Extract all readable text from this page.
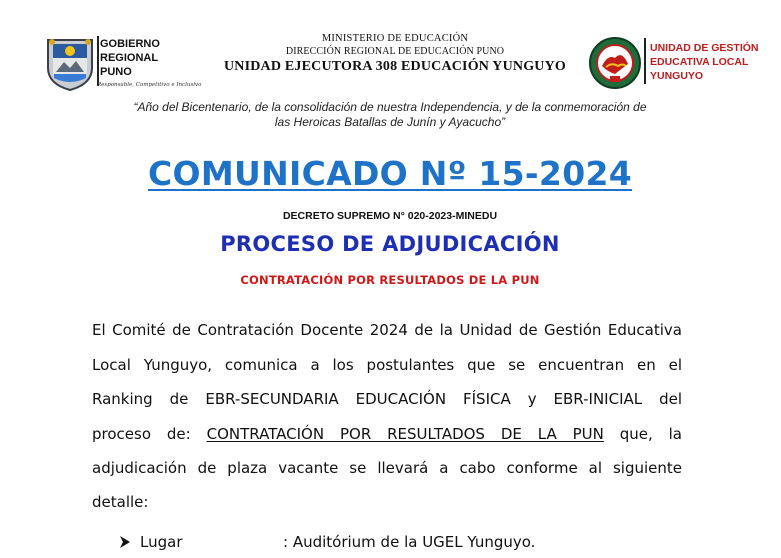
GOBIERNO
REGIONAL
PUNO
Responsable, Competitivo e Inclusivo
MINISTERIO DE EDUCACIÓN
DIRECCIÓN REGIONAL DE EDUCACIÓN PUNO
UNIDAD EJECUTORA 308 EDUCACIÓN YUNGUYO
UNIDAD DE GESTIÓN
EDUCATIVA LOCAL
YUNGUYO
“Año del Bicentenario, de la consolidación de nuestra Independencia, y de la conmemoración de
las Heroicas Batallas de Junín y Ayacucho”
COMUNICADO Nº 15-2024
DECRETO SUPREMO N° 020-2023-MINEDU
PROCESO DE ADJUDICACIÓN
CONTRATACIÓN POR RESULTADOS DE LA PUN
El Comité de Contratación Docente 2024 de la Unidad de Gestión Educativa
Local Yunguyo, comunica a los postulantes que se encuentran en el
Ranking de EBR-SECUNDARIA EDUCACIÓN FÍSICA y EBR-INICIAL del
proceso de: CONTRATACIÓN POR RESULTADOS DE LA PUN que, la
adjudicación de plaza vacante se llevará a cabo conforme al siguiente
detalle:
Lugar	: Auditórium de la UGEL Yunguyo.
